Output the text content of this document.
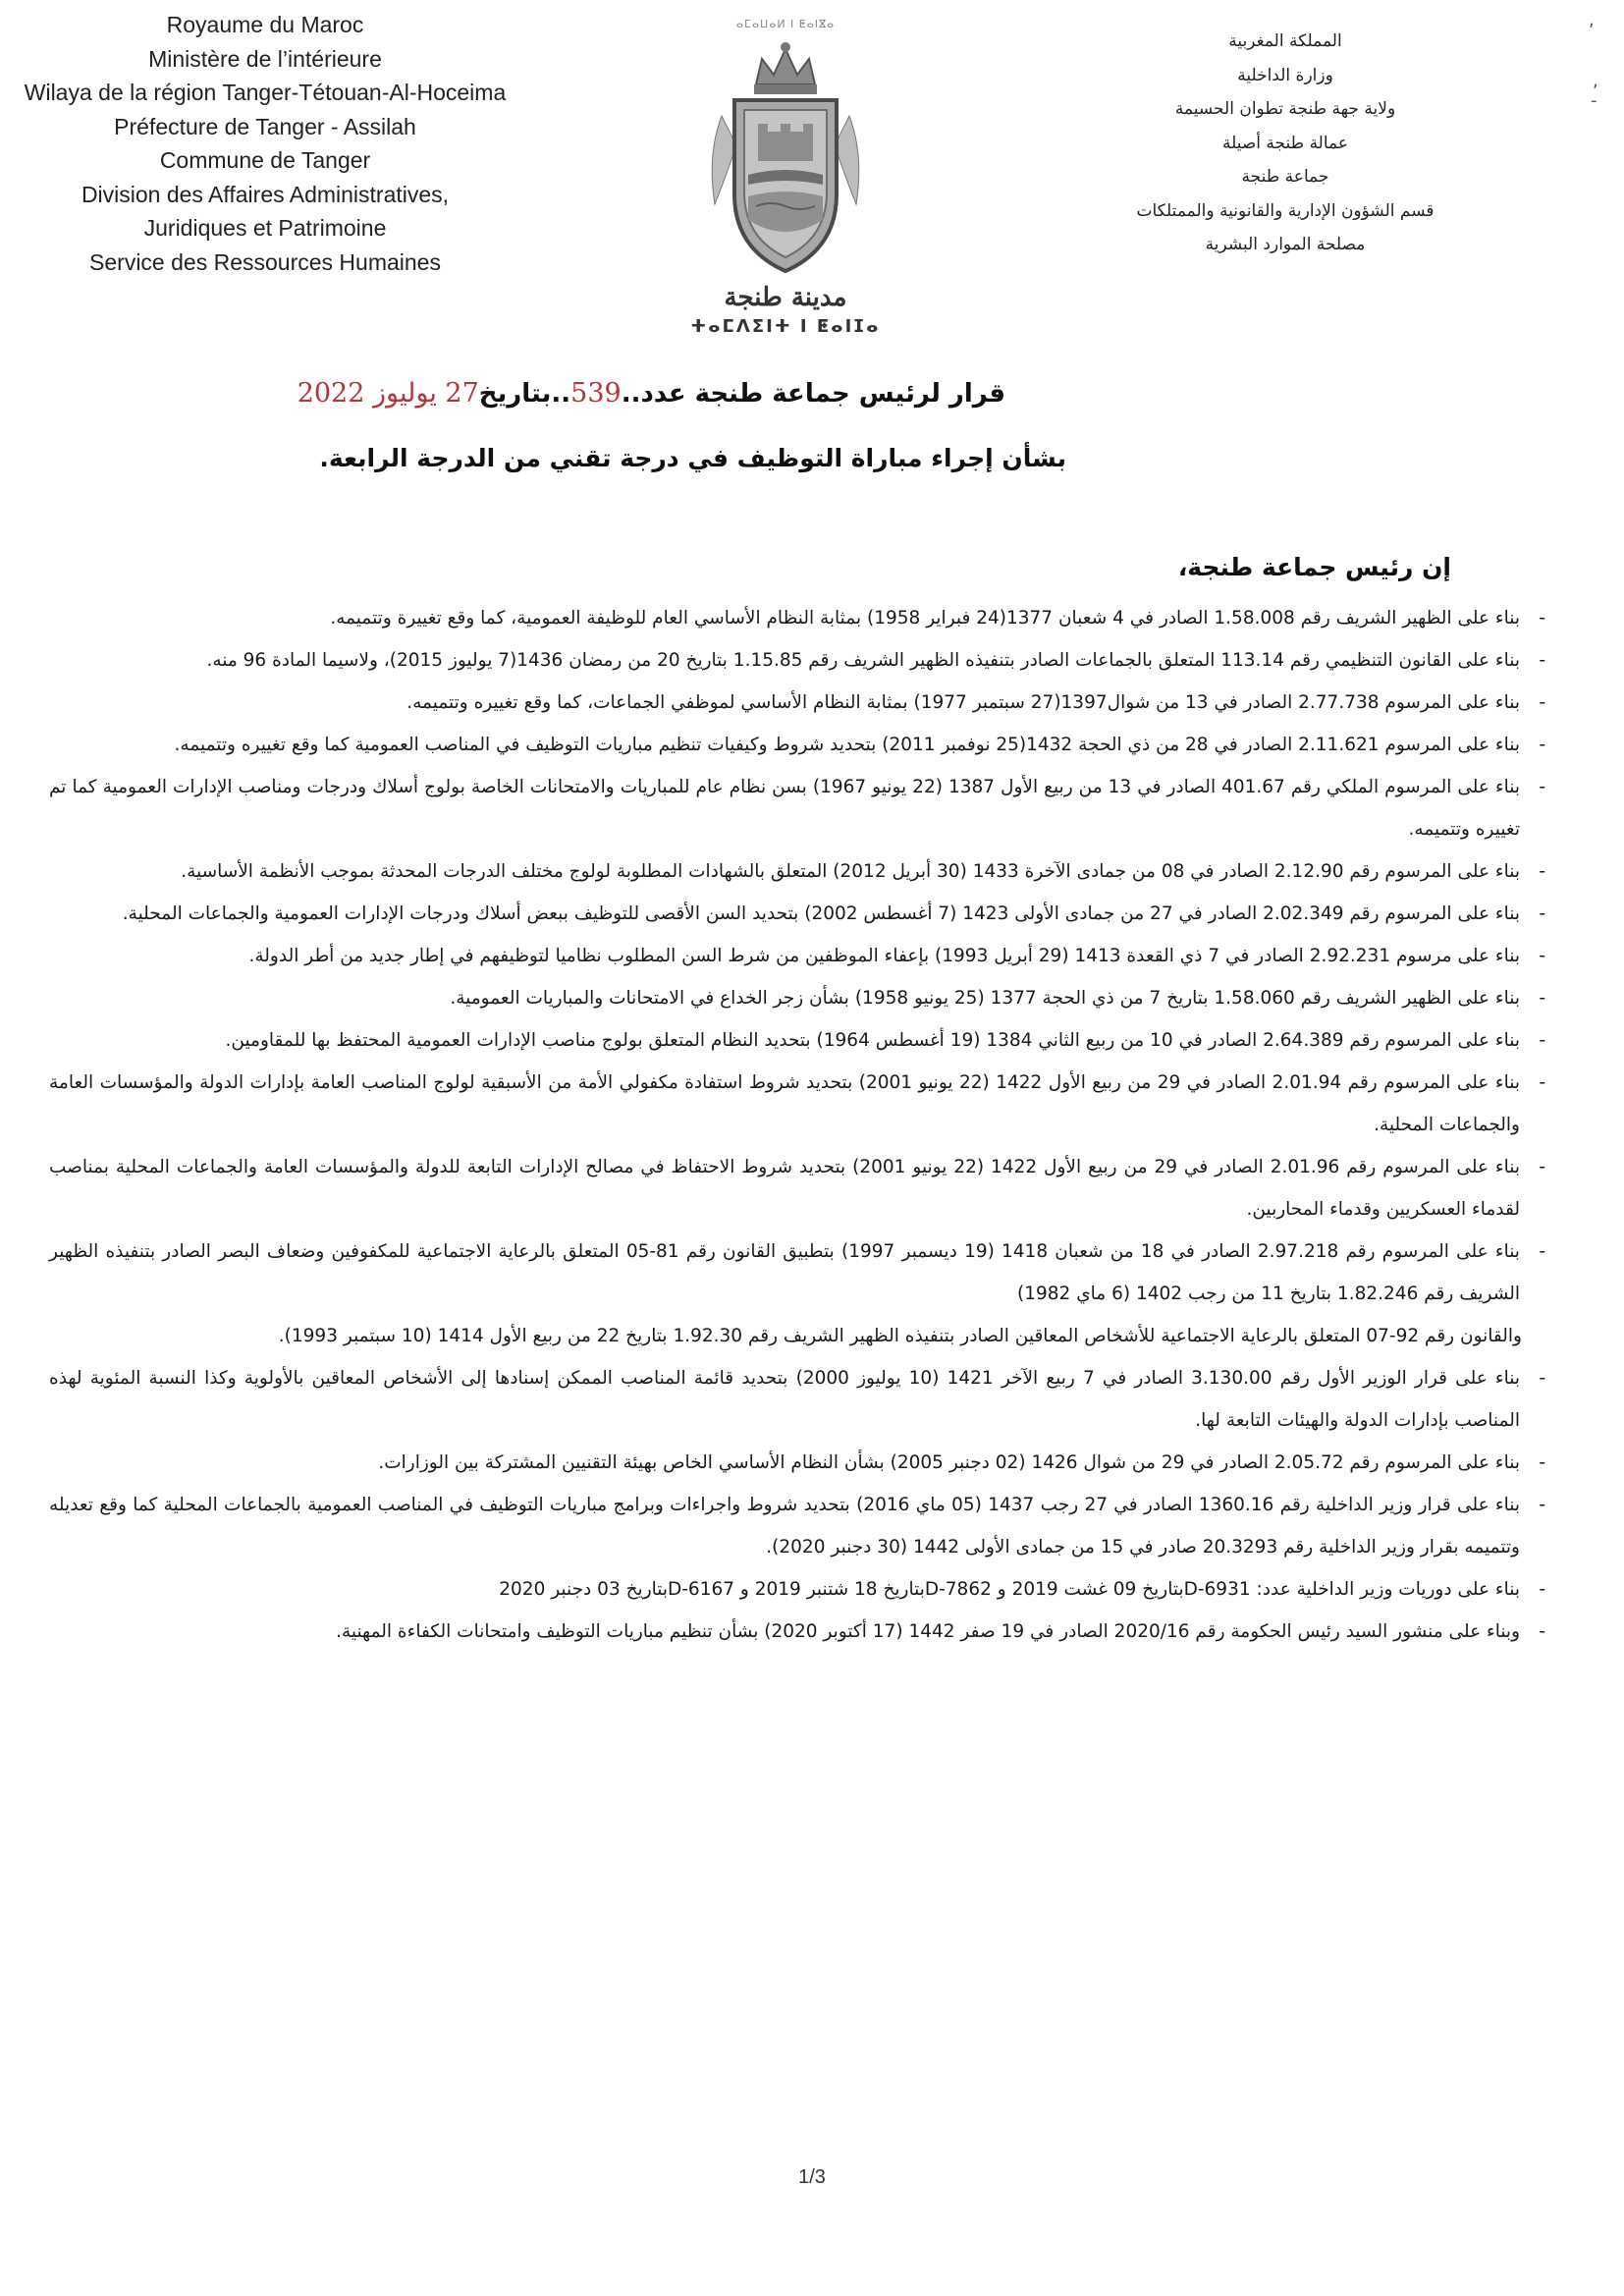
Royaume du Maroc
Ministère de l’intérieure
Wilaya de la région Tanger-Tétouan-Al-Hoceima
Préfecture de Tanger - Assilah
Commune de Tanger
Division des Affaires Administratives,
Juridiques et Patrimoine
Service des Ressources Humaines
ⴰⵎⴰⵡⴰⵍ ⵏ ⵟⴰⵏⴵⴰ
مدينة طنجة
ⵜⴰⵎⴷⵉⵏⵜ ⵏ ⵟⴰⵏⵊⴰ
المملكة المغربية
وزارة الداخلية
ولاية جهة طنجة تطوان الحسيمة
عمالة طنجة أصيلة
جماعة طنجة
قسم الشؤون الإدارية والقانونية والممتلكات
مصلحة الموارد البشرية
قرار لرئيس جماعة طنجة عدد..539..بتاريخ27 يوليوز 2022
بشأن إجراء مباراة التوظيف في درجة تقني من الدرجة الرابعة.
إن رئيس جماعة طنجة،
-
بناء على الظهير الشريف رقم 1.58.008 الصادر في 4 شعبان 1377(24 فبراير 1958) بمثابة النظام الأساسي العام للوظيفة العمومية، كما وقع تغييرة وتتميمه.
-
بناء على القانون التنظيمي رقم 113.14 المتعلق بالجماعات الصادر بتنفيذه الظهير الشريف رقم 1.15.85 بتاريخ 20 من رمضان 1436(7 يوليوز 2015)، ولاسيما المادة 96 منه.
-
بناء على المرسوم 2.77.738 الصادر في 13 من شوال1397(27 سبتمبر 1977) بمثابة النظام الأساسي لموظفي الجماعات، كما وقع تغييره وتتميمه.
-
بناء على المرسوم 2.11.621 الصادر في 28 من ذي الحجة 1432(25 نوفمبر 2011) بتحديد شروط وكيفيات تنظيم مباريات التوظيف في المناصب العمومية كما وقع تغييره وتتميمه.
-
بناء على المرسوم الملكي رقم 401.67 الصادر في 13 من ربيع الأول 1387 (22 يونيو 1967) بسن نظام عام للمباريات والامتحانات الخاصة بولوج أسلاك ودرجات ومناصب الإدارات العمومية كما تم تغييره وتتميمه.
-
بناء على المرسوم رقم 2.12.90 الصادر في 08 من جمادى الآخرة 1433 (30 أبريل 2012) المتعلق بالشهادات المطلوبة لولوج مختلف الدرجات المحدثة بموجب الأنظمة الأساسية.
-
بناء على المرسوم رقم 2.02.349 الصادر في 27 من جمادى الأولى 1423 (7 أغسطس 2002) بتحديد السن الأقصى للتوظيف ببعض أسلاك ودرجات الإدارات العمومية والجماعات المحلية.
-
بناء على مرسوم 2.92.231 الصادر في 7 ذي القعدة 1413 (29 أبريل 1993) بإعفاء الموظفين من شرط السن المطلوب نظاميا لتوظيفهم في إطار جديد من أطر الدولة.
-
بناء على الظهير الشريف رقم 1.58.060 بتاريخ 7 من ذي الحجة 1377 (25 يونيو 1958) بشأن زجر الخداع في الامتحانات والمباريات العمومية.
-
بناء على المرسوم رقم 2.64.389 الصادر في 10 من ربيع الثاني 1384 (19 أغسطس 1964) بتحديد النظام المتعلق بولوج مناصب الإدارات العمومية المحتفظ بها للمقاومين.
-
بناء على المرسوم رقم 2.01.94 الصادر في 29 من ربيع الأول 1422 (22 يونيو 2001) بتحديد شروط استفادة مكفولي الأمة من الأسبقية لولوج المناصب العامة بإدارات الدولة والمؤسسات العامة والجماعات المحلية.
-
بناء على المرسوم رقم 2.01.96 الصادر في 29 من ربيع الأول 1422 (22 يونيو 2001) بتحديد شروط الاحتفاظ في مصالح الإدارات التابعة للدولة والمؤسسات العامة والجماعات المحلية بمناصب لقدماء العسكريين وقدماء المحاربين.
-
بناء على المرسوم رقم 2.97.218 الصادر في 18 من شعبان 1418 (19 ديسمبر 1997) بتطبيق القانون رقم 81-05 المتعلق بالرعاية الاجتماعية للمكفوفين وضعاف البصر الصادر بتنفيذه الظهير الشريف رقم 1.82.246 بتاريخ 11 من رجب 1402 (6 ماي 1982)
والقانون رقم 92-07 المتعلق بالرعاية الاجتماعية للأشخاص المعاقين الصادر بتنفيذه الظهير الشريف رقم 1.92.30 بتاريخ 22 من ربيع الأول 1414 (10 سبتمبر 1993).
-
بناء على قرار الوزير الأول رقم 3.130.00 الصادر في 7 ربيع الآخر 1421 (10 يوليوز 2000) بتحديد قائمة المناصب الممكن إسنادها إلى الأشخاص المعاقين بالأولوية وكذا النسبة المئوية لهذه المناصب بإدارات الدولة والهيئات التابعة لها.
-
بناء على المرسوم رقم 2.05.72 الصادر في 29 من شوال 1426 (02 دجنبر 2005) بشأن النظام الأساسي الخاص بهيئة التقنيين المشتركة بين الوزارات.
-
بناء على قرار وزير الداخلية رقم 1360.16 الصادر في 27 رجب 1437 (05 ماي 2016) بتحديد شروط واجراءات وبرامج مباريات التوظيف في المناصب العمومية بالجماعات المحلية كما وقع تعديله وتتميمه بقرار وزير الداخلية رقم 20.3293 صادر في 15 من جمادى الأولى 1442 (30 دجنبر 2020).
-
بناء على دوريات وزير الداخلية عدد: D-6931بتاريخ 09 غشت 2019 و D-7862بتاريخ 18 شتنبر 2019 و D-6167بتاريخ 03 دجنبر 2020
-
وبناء على منشور السيد رئيس الحكومة رقم 2020/16 الصادر في 19 صفر 1442 (17 أكتوبر 2020) بشأن تنظيم مباريات التوظيف وامتحانات الكفاءة المهنية.
1/3
,
,
-
